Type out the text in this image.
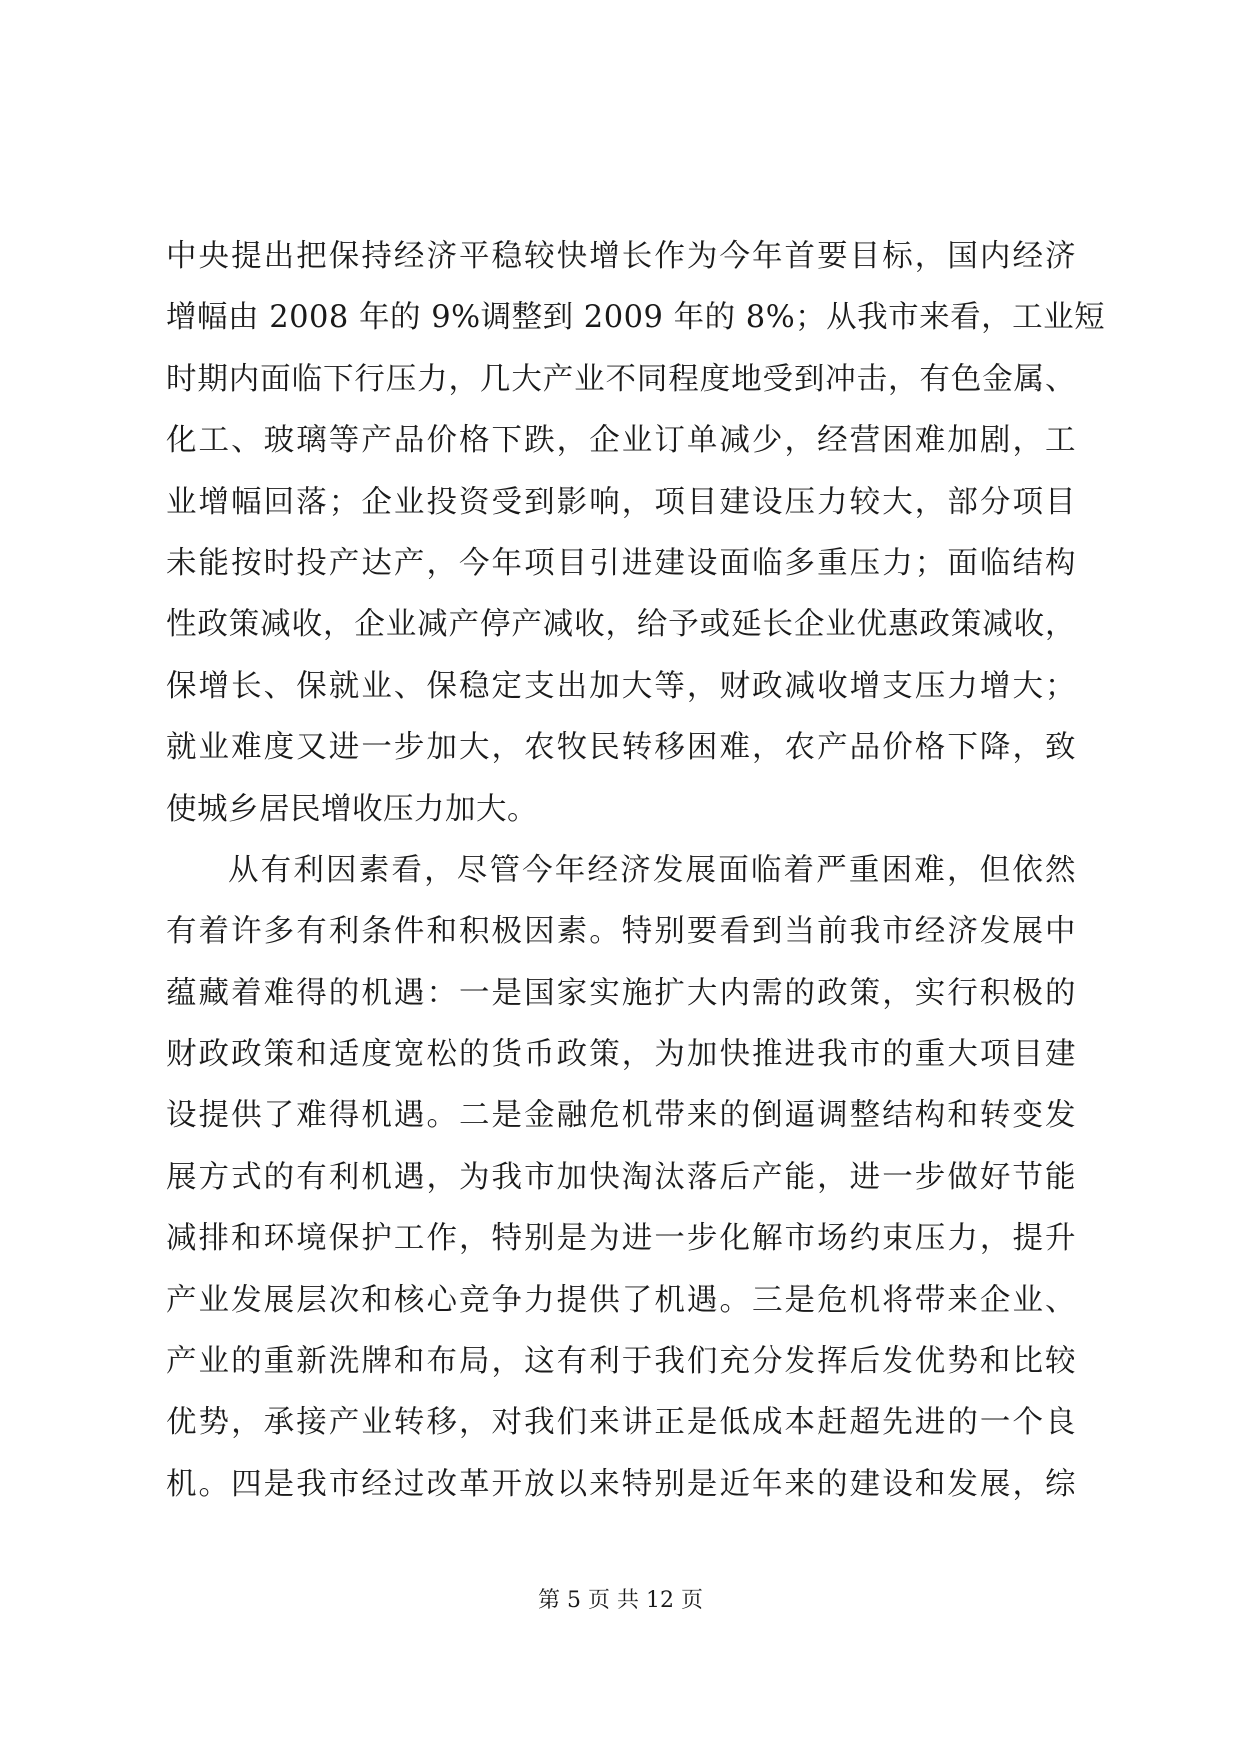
中央提出把保持经济平稳较快增长作为今年首要目标，国内经济
增幅由 2008 年的 9%调整到 2009 年的 8%；从我市来看，工业短
时期内面临下行压力，几大产业不同程度地受到冲击，有色金属、
化工、玻璃等产品价格下跌，企业订单减少，经营困难加剧，工
业增幅回落；企业投资受到影响，项目建设压力较大，部分项目
未能按时投产达产，今年项目引进建设面临多重压力；面临结构
性政策减收，企业减产停产减收，给予或延长企业优惠政策减收，
保增长、保就业、保稳定支出加大等，财政减收增支压力增大；
就业难度又进一步加大，农牧民转移困难，农产品价格下降，致
使城乡居民增收压力加大。
从有利因素看，尽管今年经济发展面临着严重困难，但依然
有着许多有利条件和积极因素。特别要看到当前我市经济发展中
蕴藏着难得的机遇：一是国家实施扩大内需的政策，实行积极的
财政政策和适度宽松的货币政策，为加快推进我市的重大项目建
设提供了难得机遇。二是金融危机带来的倒逼调整结构和转变发
展方式的有利机遇，为我市加快淘汰落后产能，进一步做好节能
减排和环境保护工作，特别是为进一步化解市场约束压力，提升
产业发展层次和核心竞争力提供了机遇。三是危机将带来企业、
产业的重新洗牌和布局，这有利于我们充分发挥后发优势和比较
优势，承接产业转移，对我们来讲正是低成本赶超先进的一个良
机。四是我市经过改革开放以来特别是近年来的建设和发展，综
第 5 页 共 12 页
